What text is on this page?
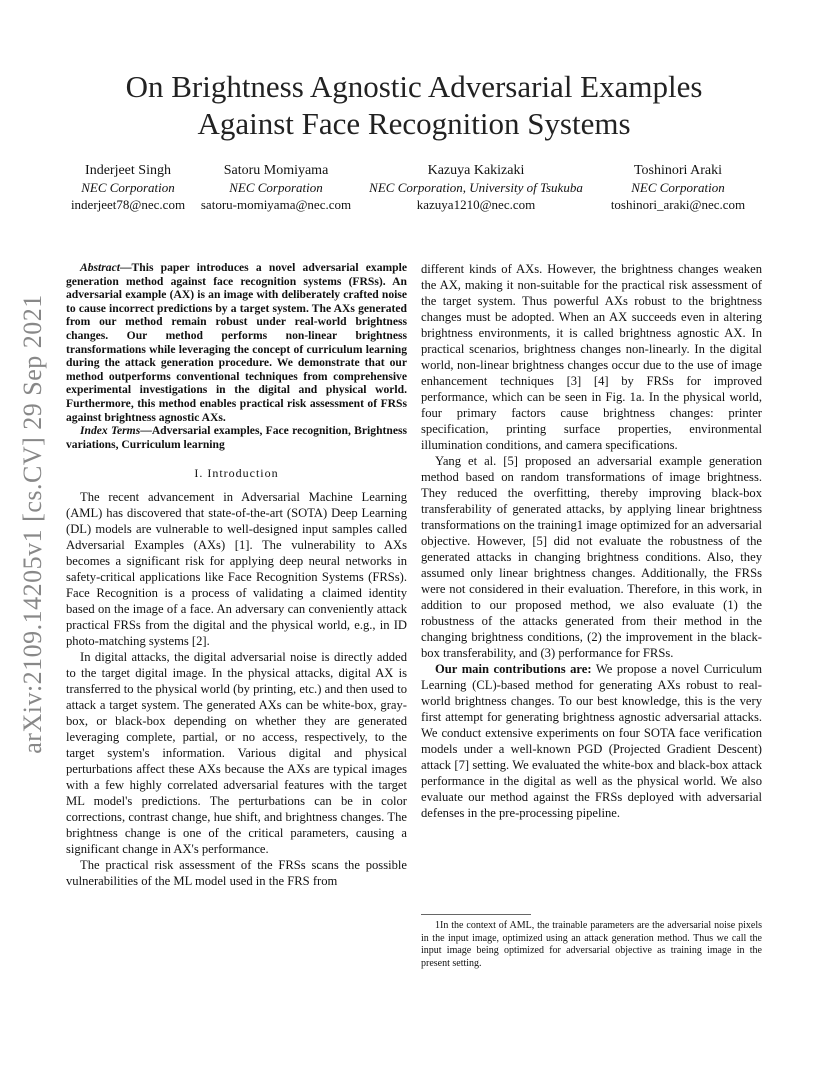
On Brightness Agnostic Adversarial Examples
Against Face Recognition Systems
Inderjeet Singh
NEC Corporation
inderjeet78@nec.com
Satoru Momiyama
NEC Corporation
satoru-momiyama@nec.com
Kazuya Kakizaki
NEC Corporation, University of Tsukuba
kazuya1210@nec.com
Toshinori Araki
NEC Corporation
toshinori_araki@nec.com
arXiv:2109.14205v1 [cs.CV] 29 Sep 2021

Abstract—This paper introduces a novel adversarial example generation method against face recognition systems (FRSs). An adversarial example (AX) is an image with deliberately crafted noise to cause incorrect predictions by a target system. The AXs generated from our method remain robust under real-world brightness changes. Our method performs non-linear brightness transformations while leveraging the concept of curriculum learning during the attack generation procedure. We demonstrate that our method outperforms conventional techniques from comprehensive experimental investigations in the digital and physical world. Furthermore, this method enables practical risk assessment of FRSs against brightness agnostic AXs.

Index Terms—Adversarial examples, Face recognition, Brightness variations, Curriculum learning

I. Introduction

The recent advancement in Adversarial Machine Learning (AML) has discovered that state-of-the-art (SOTA) Deep Learning (DL) models are vulnerable to well-designed input samples called Adversarial Examples (AXs) [1]. The vulnerability to AXs becomes a significant risk for applying deep neural networks in safety-critical applications like Face Recognition Systems (FRSs). Face Recognition is a process of validating a claimed identity based on the image of a face. An adversary can conveniently attack practical FRSs from the digital and the physical world, e.g., in ID photo-matching systems [2].

In digital attacks, the digital adversarial noise is directly added to the target digital image. In the physical attacks, digital AX is transferred to the physical world (by printing, etc.) and then used to attack a target system. The generated AXs can be white-box, gray-box, or black-box depending on whether they are generated leveraging complete, partial, or no access, respectively, to the target system's information. Various digital and physical perturbations affect these AXs because the AXs are typical images with a few highly correlated adversarial features with the target ML model's predictions. The perturbations can be in color corrections, contrast change, hue shift, and brightness changes. The brightness change is one of the critical parameters, causing a significant change in AX's performance.

The practical risk assessment of the FRSs scans the possible vulnerabilities of the ML model used in the FRS from

different kinds of AXs. However, the brightness changes weaken the AX, making it non-suitable for the practical risk assessment of the target system. Thus powerful AXs robust to the brightness changes must be adopted. When an AX succeeds even in altering brightness environments, it is called brightness agnostic AX. In practical scenarios, brightness changes non-linearly. In the digital world, non-linear brightness changes occur due to the use of image enhancement techniques [3] [4] by FRSs for improved performance, which can be seen in Fig. 1a. In the physical world, four primary factors cause brightness changes: printer specification, printing surface properties, environmental illumination conditions, and camera specifications.

Yang et al. [5] proposed an adversarial example generation method based on random transformations of image brightness. They reduced the overfitting, thereby improving black-box transferability of generated attacks, by applying linear brightness transformations on the training1 image optimized for an adversarial objective. However, [5] did not evaluate the robustness of the generated attacks in changing brightness conditions. Also, they assumed only linear brightness changes. Additionally, the FRSs were not considered in their evaluation. Therefore, in this work, in addition to our proposed method, we also evaluate (1) the robustness of the attacks generated from their method in the changing brightness conditions, (2) the improvement in the black-box transferability, and (3) performance for FRSs.

Our main contributions are: We propose a novel Curriculum Learning (CL)-based method for generating AXs robust to real-world brightness changes. To our best knowledge, this is the very first attempt for generating brightness agnostic adversarial attacks. We conduct extensive experiments on four SOTA face verification models under a well-known PGD (Projected Gradient Descent) attack [7] setting. We evaluated the white-box and black-box attack performance in the digital as well as the physical world. We also evaluate our method against the FRSs deployed with adversarial defenses in the pre-processing pipeline.

1In the context of AML, the trainable parameters are the adversarial noise pixels in the input image, optimized using an attack generation method. Thus we call the input image being optimized for adversarial objective as training image in the present setting.
